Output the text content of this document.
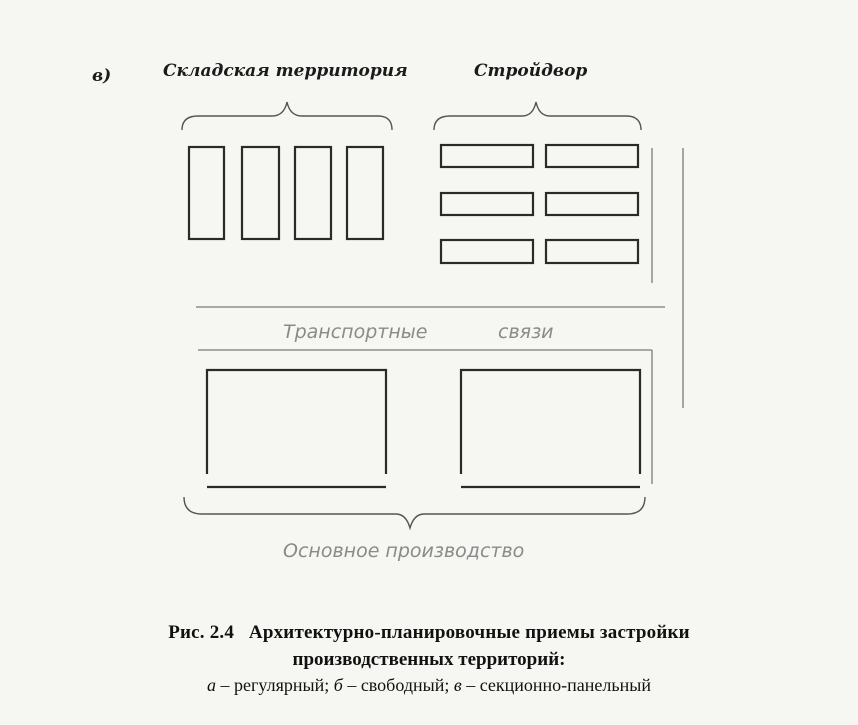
в)	Складская территория	Стройдвор
Транспортные	связи
Основное производство
Рис. 2.4 Архитектурно-планировочные приемы застройки
производственных территорий:
а – регулярный; б – свободный; в – секционно-панельный
